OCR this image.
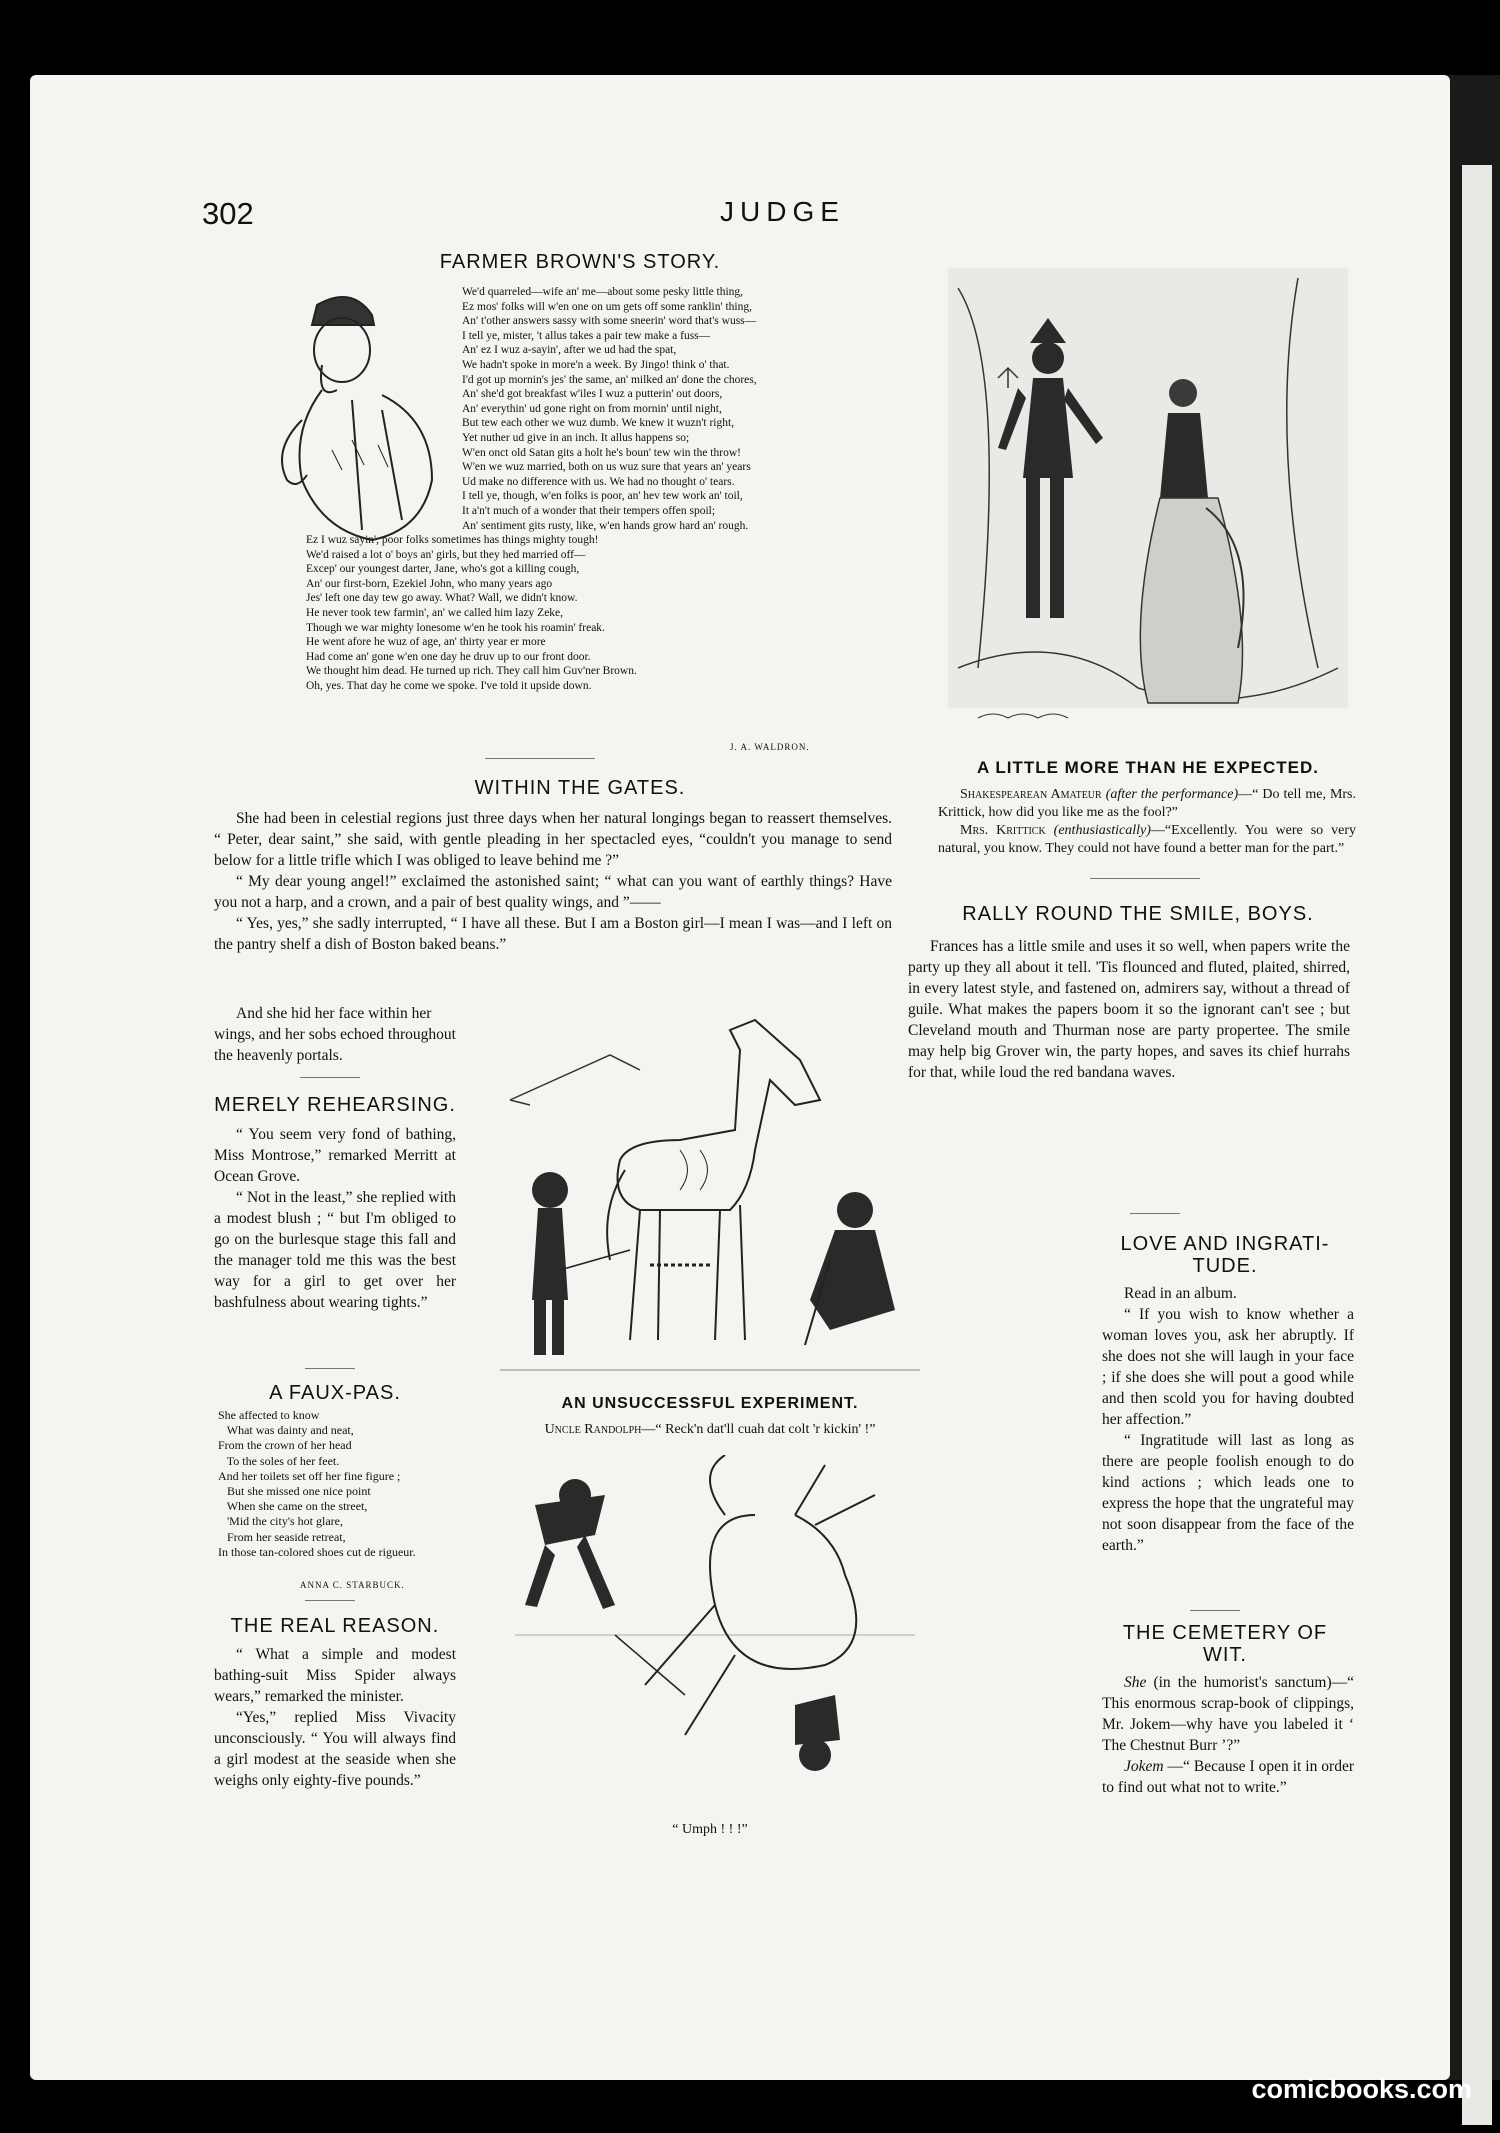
302	JUDGE
FARMER BROWN'S STORY.
We'd quarreled—wife an' me—about some pesky little thing,
Ez mos' folks will w'en one on um gets off some ranklin' thing,
An' t'other answers sassy with some sneerin' word that's wuss—
I tell ye, mister, 't allus takes a pair tew make a fuss—
An' ez I wuz a-sayin', after we ud had the spat,
We hadn't spoke in more'n a week. By Jingo! think o' that.
I'd got up mornin's jes' the same, an' milked an' done the chores,
An' she'd got breakfast w'iles I wuz a putterin' out doors,
An' everythin' ud gone right on from mornin' until night,
But tew each other we wuz dumb. We knew it wuzn't right,
Yet nuther ud give in an inch. It allus happens so;
W'en onct old Satan gits a holt he's boun' tew win the throw!
W'en we wuz married, both on us wuz sure that years an' years
Ud make no difference with us. We had no thought o' tears.
I tell ye, though, w'en folks is poor, an' hev tew work an' toil,
It a'n't much of a wonder that their tempers offen spoil;
An' sentiment gits rusty, like, w'en hands grow hard an' rough.
Ez I wuz sayin', poor folks sometimes has things mighty tough!
We'd raised a lot o' boys an' girls, but they hed married off—
Excep' our youngest darter, Jane, who's got a killing cough,
An' our first-born, Ezekiel John, who many years ago
Jes' left one day tew go away. What? Wall, we didn't know.
He never took tew farmin', an' we called him lazy Zeke,
Though we war mighty lonesome w'en he took his roamin' freak.
He went afore he wuz of age, an' thirty year er more
Had come an' gone w'en one day he druv up to our front door.
We thought him dead. He turned up rich. They call him Guv'ner Brown.
Oh, yes. That day he come we spoke. I've told it upside down.
J. A. WALDRON.
A LITTLE MORE THAN HE EXPECTED.

Shakespearean Amateur (after the performance)—“ Do tell me, Mrs. Krittick, how did you like me as the fool?”

Mrs. Krittick (enthusiastically)—“Excellently. You were so very natural, you know. They could not have found a better man for the part.”

WITHIN THE GATES.

She had been in celestial regions just three days when her natural longings began to reassert themselves. “ Peter, dear saint,” she said, with gentle pleading in her spectacled eyes, “couldn't you manage to send below for a little trifle which I was obliged to leave behind me ?”

“ My dear young angel!” exclaimed the astonished saint; “ what can you want of earthly things? Have you not a harp, and a crown, and a pair of best quality wings, and ”——

“ Yes, yes,” she sadly interrupted, “ I have all these. But I am a Boston girl—I mean I was—and I left on the pantry shelf a dish of Boston baked beans.”

And she hid her face within her wings, and her sobs echoed throughout the heavenly portals.

RALLY ROUND THE SMILE, BOYS.

Frances has a little smile and uses it so well, when papers write the party up they all about it tell. 'Tis flounced and fluted, plaited, shirred, in every latest style, and fastened on, admirers say, without a thread of guile. What makes the papers boom it so the ignorant can't see ; but Cleveland mouth and Thurman nose are party propertee. The smile may help big Grover win, the party hopes, and saves its chief hurrahs for that, while loud the red bandana waves.

MERELY REHEARSING.

“ You seem very fond of bathing, Miss Montrose,” remarked Merritt at Ocean Grove.

“ Not in the least,” she replied with a modest blush ; “ but I'm obliged to go on the burlesque stage this fall and the manager told me this was the best way for a girl to get over her bashfulness about wearing tights.”

A FAUX-PAS.
She affected to know
What was dainty and neat,
From the crown of her head
To the soles of her feet.
And her toilets set off her fine figure ;
But she missed one nice point
When she came on the street,
'Mid the city's hot glare,
From her seaside retreat,
In those tan-colored shoes cut de rigueur.
ANNA C. STARBUCK.
THE REAL REASON.

“ What a simple and modest bathing-suit Miss Spider always wears,” remarked the minister.

“Yes,” replied Miss Vivacity unconsciously. “ You will always find a girl modest at the seaside when she weighs only eighty-five pounds.”

AN UNSUCCESSFUL EXPERIMENT.
Uncle Randolph—“ Reck'n dat'll cuah dat colt 'r kickin' !”
“ Umph ! ! !”
LOVE AND INGRATI-
TUDE.

Read in an album.

“ If you wish to know whether a woman loves you, ask her abruptly. If she does not she will laugh in your face ; if she does she will pout a good while and then scold you for having doubted her affection.”

“ Ingratitude will last as long as there are people foolish enough to do kind actions ; which leads one to express the hope that the ungrateful may not soon disappear from the face of the earth.”

THE CEMETERY OF
WIT.

She (in the humorist's sanctum)—“ This enormous scrap-book of clippings, Mr. Jokem—why have you labeled it ‘ The Chestnut Burr ’?”

Jokem —“ Because I open it in order to find out what not to write.”

comicbooks.com
